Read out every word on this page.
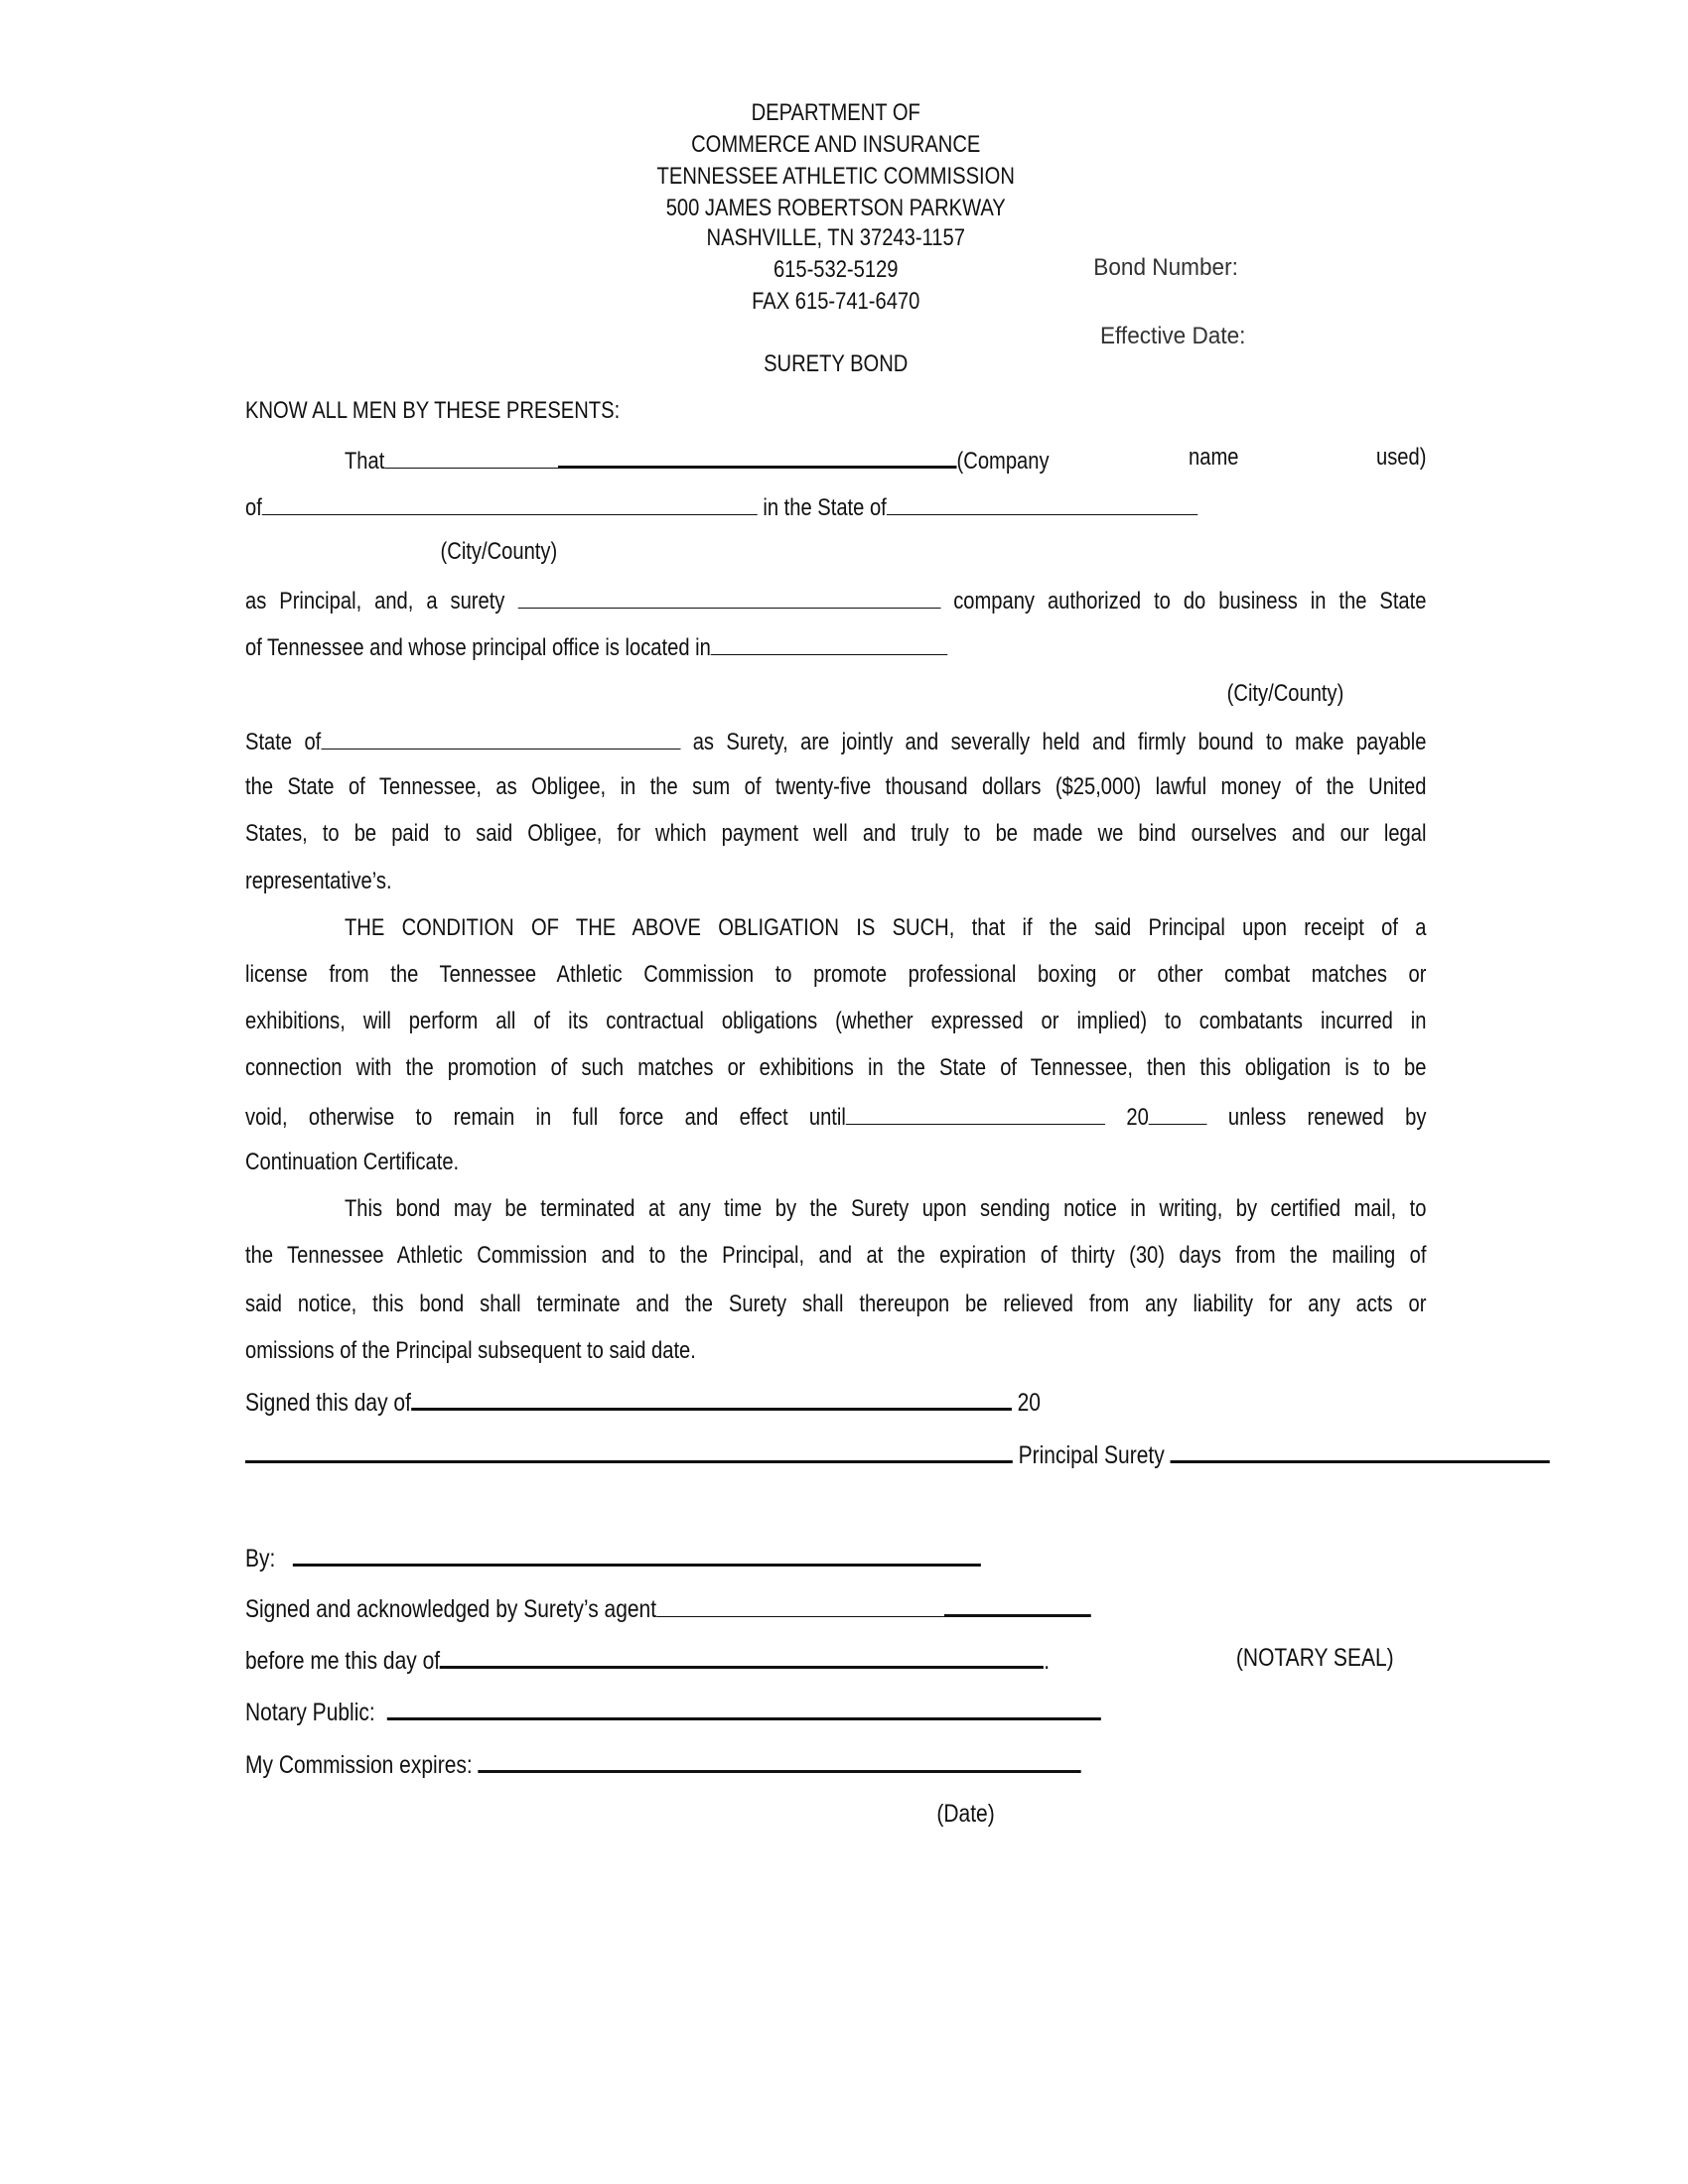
DEPARTMENT OF
COMMERCE AND INSURANCE
TENNESSEE ATHLETIC COMMISSION
500 JAMES ROBERTSON PARKWAY
NASHVILLE, TN 37243-1157
615-532-5129
FAX 615-741-6470
SURETY BOND
Bond Number:
Effective Date:
KNOW ALL MEN BY THESE PRESENTS:
That	(Company	name	used)
of	in the State of
(City/County)
as Principal, and, a surety	company authorized to do business in the State
of Tennessee and whose principal office is located in
(City/County)
State of	as Surety, are jointly and severally held and firmly bound to make payable
the State of Tennessee, as Obligee, in the sum of twenty-five thousand dollars ($25,000) lawful money of the United
States, to be paid to said Obligee, for which payment well and truly to be made we bind ourselves and our legal
representative’s.
THE CONDITION OF THE ABOVE OBLIGATION IS SUCH, that if the said Principal upon receipt of a
license from the Tennessee Athletic Commission to promote professional boxing or other combat matches or
exhibitions, will perform all of its contractual obligations (whether expressed or implied) to combatants incurred in
connection with the promotion of such matches or exhibitions in the State of Tennessee, then this obligation is to be
void, otherwise to remain in full force and effect until	20	unless renewed by
Continuation Certificate.
This bond may be terminated at any time by the Surety upon sending notice in writing, by certified mail, to
the Tennessee Athletic Commission and to the Principal, and at the expiration of thirty (30) days from the mailing of
said notice, this bond shall terminate and the Surety shall thereupon be relieved from any liability for any acts or
omissions of the Principal subsequent to said date.
Signed this day of	20
Principal Surety
By:
Signed and acknowledged by Surety’s agent
before me this day of	.	(NOTARY SEAL)
Notary Public:
My Commission expires:
(Date)
